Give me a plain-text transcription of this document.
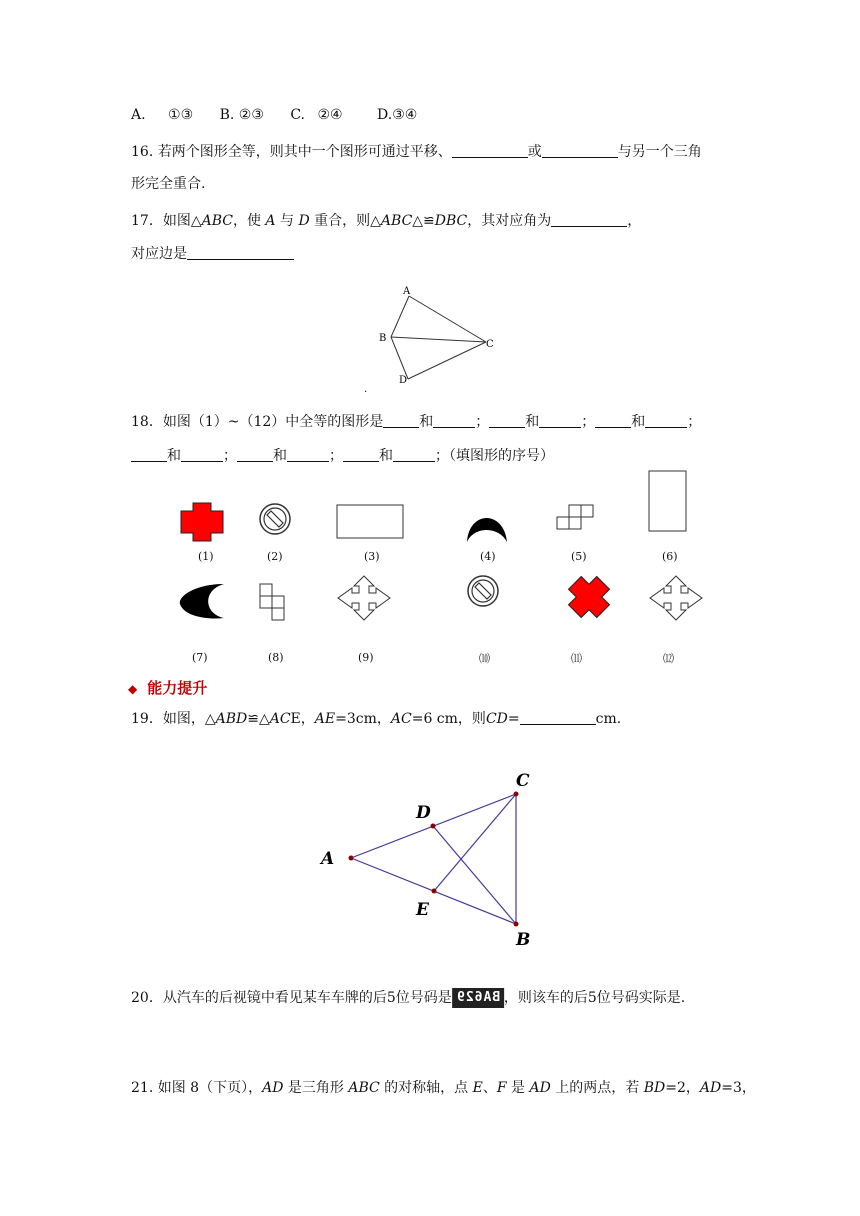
A. ①③ B. ②③ C. ②④ D.③④
16. 若两个图形全等，则其中一个图形可通过平移、	或	与另一个三角
形完全重合.
17．如图△ABC，使 A 与 D 重合，则△ABC△≌DBC，其对应角为	，
对应边是
A
B
C
D
.
18．如图（1）~（12）中全等的图形是	和	；	和	；	和	；
和	；	和	；	和	；（填图形的序号）
(1)	(2)	(3)	(4)	(5)	(6)
(7)	(8)	(9)	⑽	⑾	⑿
◆ 能力提升
19．如图，△ABD≌△ACE，AE=3cm，AC=6 cm，则CD=	cm.
A
C
B
D
E
20．从汽车的后视镜中看见某车车牌的后5位号码是 BA629 ，则该车的后5位号码实际是.
21. 如图 8（下页），AD 是三角形 ABC 的对称轴，点 E、F 是 AD 上的两点，若 BD=2，AD=3，
